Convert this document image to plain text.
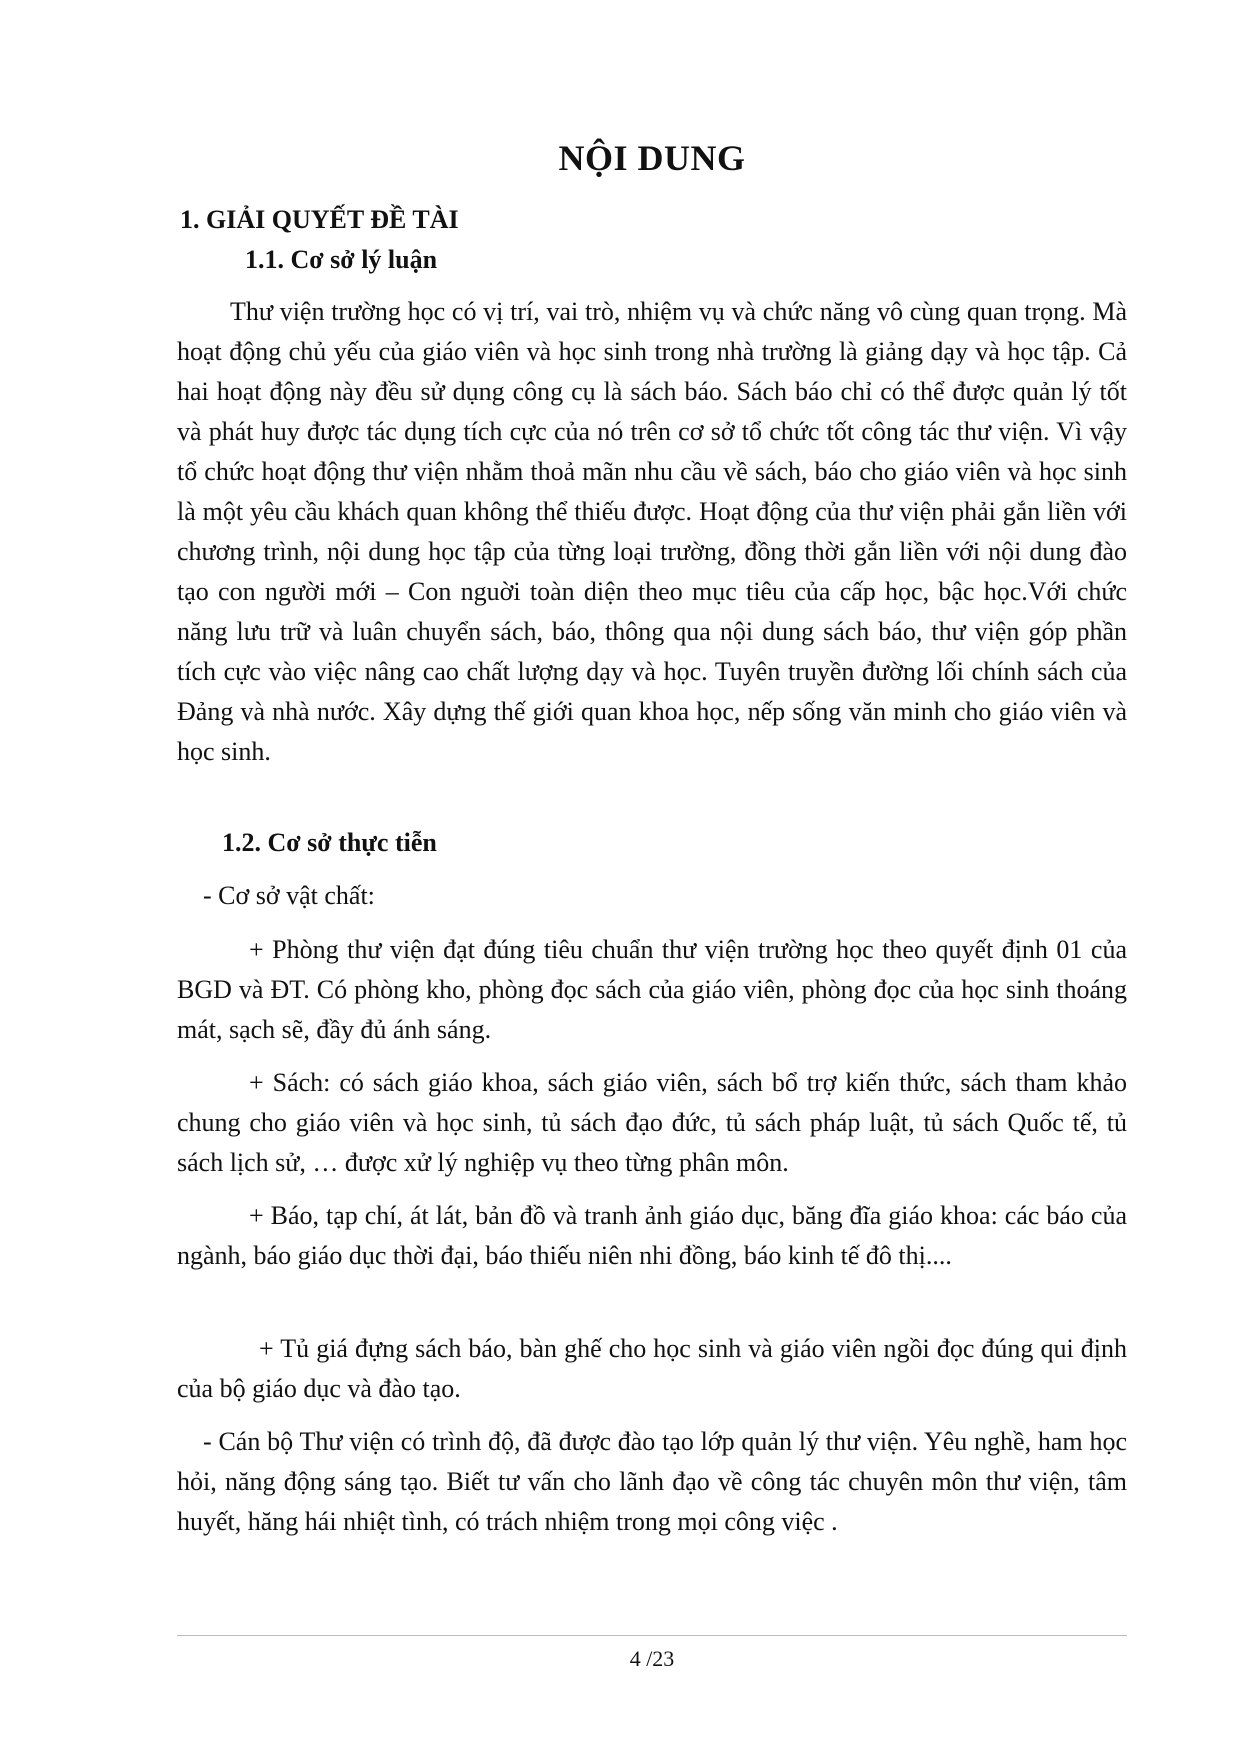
NỘI DUNG
1. GIẢI QUYẾT ĐỀ TÀI
1.1. Cơ sở lý luận

Thư viện trường học có vị trí, vai trò, nhiệm vụ và chức năng vô cùng quan trọng. Mà hoạt động chủ yếu của giáo viên và học sinh trong nhà trường là giảng dạy và học tập. Cả hai hoạt động này đều sử dụng công cụ là sách báo. Sách báo chỉ có thể được quản lý tốt và phát huy được tác dụng tích cực của nó trên cơ sở tổ chức tốt công tác thư viện. Vì vậy tổ chức hoạt động thư viện nhằm thoả mãn nhu cầu về sách, báo cho giáo viên và học sinh là một yêu cầu khách quan không thể thiếu được. Hoạt động của thư viện phải gắn liền với chương trình, nội dung học tập của từng loại trường, đồng thời gắn liền với nội dung đào tạo con người mới – Con nguời toàn diện theo mục tiêu của cấp học, bậc học.Với chức năng lưu trữ và luân chuyển sách, báo, thông qua nội dung sách báo, thư viện góp phần tích cực vào việc nâng cao chất lượng dạy và học. Tuyên truyền đường lối chính sách của Đảng và nhà nước. Xây dựng thế giới quan khoa học, nếp sống văn minh cho giáo viên và học sinh.

1.2. Cơ sở thực tiễn

- Cơ sở vật chất:

+ Phòng thư viện đạt đúng tiêu chuẩn thư viện trường học theo quyết định 01 của BGD và ĐT. Có phòng kho, phòng đọc sách của giáo viên, phòng đọc của học sinh thoáng mát, sạch sẽ, đầy đủ ánh sáng.

+ Sách: có sách giáo khoa, sách giáo viên, sách bổ trợ kiến thức, sách tham khảo chung cho giáo viên và học sinh, tủ sách đạo đức, tủ sách pháp luật, tủ sách Quốc tế, tủ sách lịch sử, … được xử lý nghiệp vụ theo từng phân môn.

+ Báo, tạp chí, át lát, bản đồ và tranh ảnh giáo dục, băng đĩa giáo khoa: các báo của ngành, báo giáo dục thời đại, báo thiếu niên nhi đồng, báo kinh tế đô thị....

+ Tủ giá đựng sách báo, bàn ghế cho học sinh và giáo viên ngồi đọc đúng qui định của bộ giáo dục và đào tạo.

- Cán bộ Thư viện có trình độ, đã được đào tạo lớp quản lý thư viện. Yêu nghề, ham học hỏi, năng động sáng tạo. Biết tư vấn cho lãnh đạo về công tác chuyên môn thư viện, tâm huyết, hăng hái nhiệt tình, có trách nhiệm trong mọi công việc .

4 /23
